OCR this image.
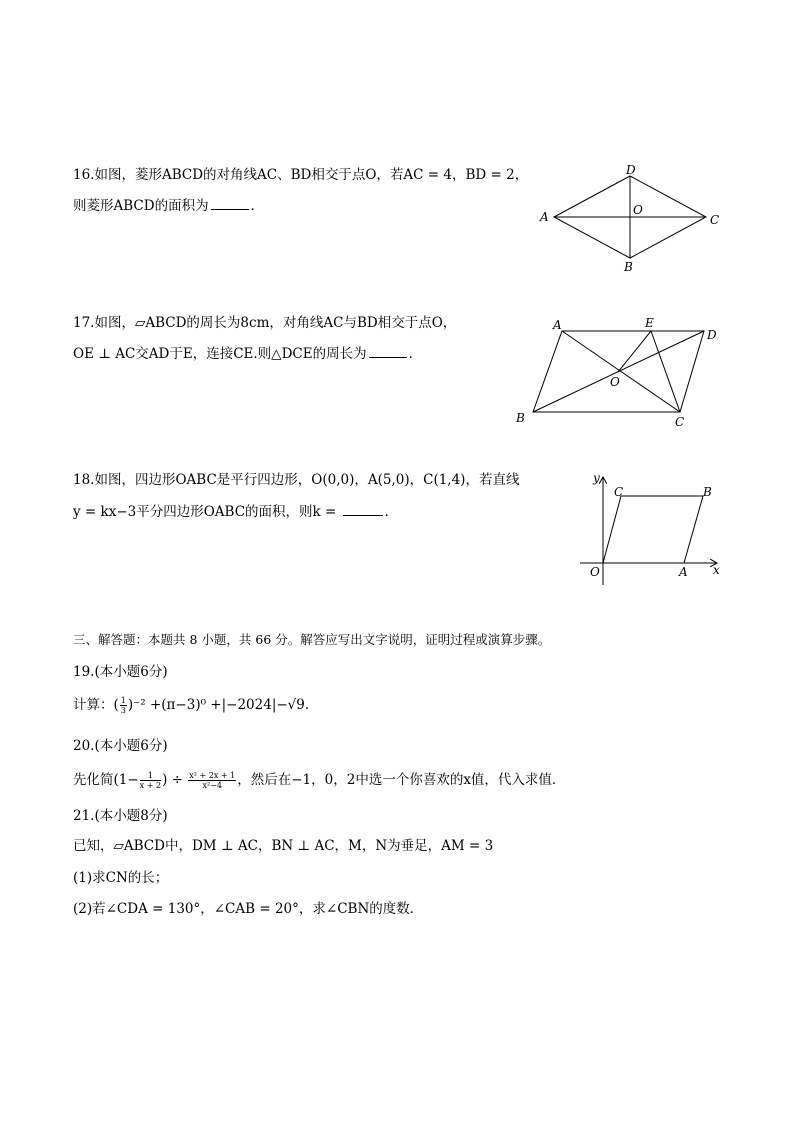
16.如图，菱形ABCD的对角线AC、BD相交于点O，若AC = 4，BD = 2，
则菱形ABCD的面积为	．
A
D
C
B
O
17.如图，▱ABCD的周长为8cm，对角线AC与BD相交于点O，
OE ⊥ AC交AD于E，连接CE.则△DCE的周长为	．
A	E
D
O
B	C
18.如图，四边形OABC是平行四边形，O(0,0)，A(5,0)，C(1,4)，若直线
y = kx−3平分四边形OABC的面积，则k =	．
y
x
O	A
B
C
三、解答题：本题共 8 小题，共 66 分。解答应写出文字说明，证明过程或演算步骤。
19.(本小题6分)
计算：( $\frac{1}{3} )^{-2} +(\pi-3)^0 +|-2024|-√9$．
20.(本小题6分)
先化简($1- \frac{1}{x + 2}$ ) ÷ $\frac{\text{x² + 2x + 1}}{\text{x²−4}}$ ，然后在−1，0，2中选一个你喜欢的x值，代入求值．
21.(本小题8分)
已知，▱ABCD中，DM ⊥ AC，BN ⊥ AC，M，N为垂足，AM = 3
(1)求CN的长；
(2)若∠CDA = 130°，∠CAB = 20°，求∠CBN的度数．
